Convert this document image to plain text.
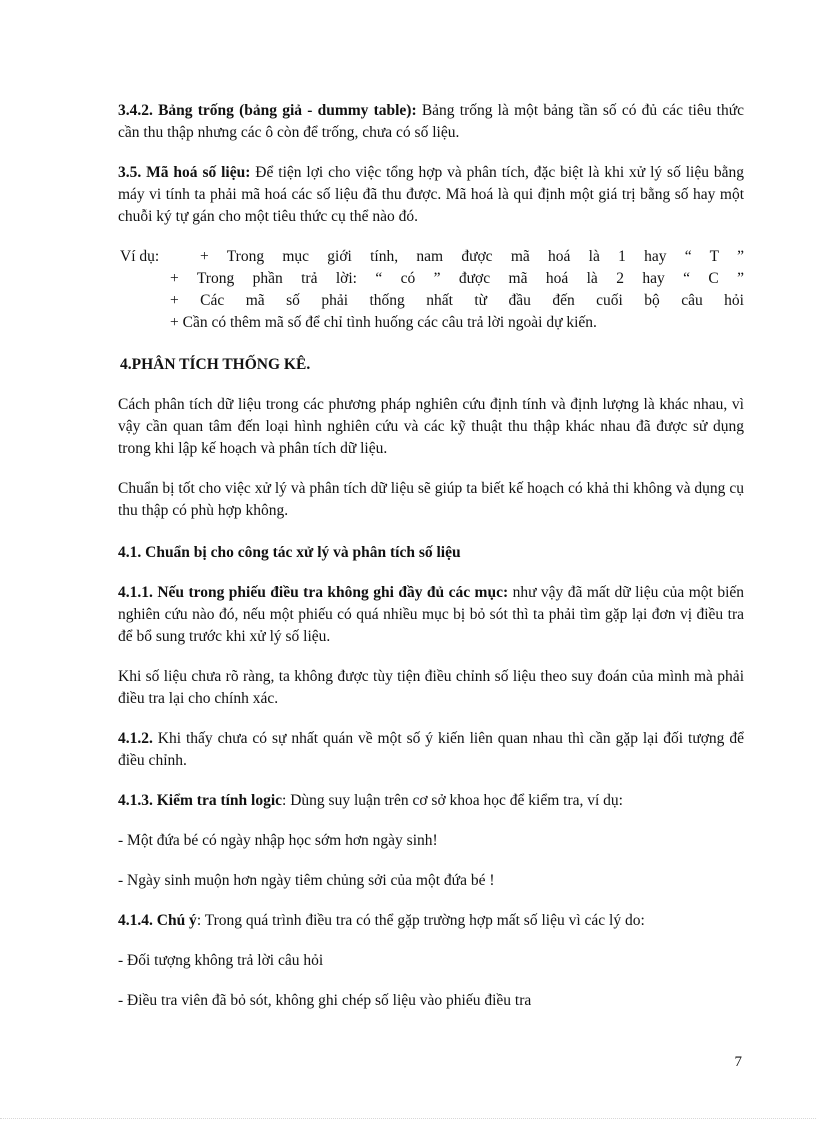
3.4.2. Bảng trống (bảng giả - dummy table): Bảng trống là một bảng tần số có đủ các tiêu thức cần thu thập nhưng các ô còn để trống, chưa có số liệu.

3.5. Mã hoá số liệu: Để tiện lợi cho việc tổng hợp và phân tích, đặc biệt là khi xử lý số liệu bằng máy vi tính ta phải mã hoá các số liệu đã thu được. Mã hoá là qui định một giá trị bằng số hay một chuỗi ký tự gán cho một tiêu thức cụ thể nào đó.

Ví dụ:	+ Trong mục giới tính, nam được mã hoá là 1 hay “ T ”
+ Trong phần trả lời: “ có ” được mã hoá là 2 hay “ C ”
+ Các mã số phải thống nhất từ đầu đến cuối bộ câu hỏi
+ Cần có thêm mã số để chỉ tình huống các câu trả lời ngoài dự kiến.

4.PHÂN TÍCH THỐNG KÊ.

Cách phân tích dữ liệu trong các phương pháp nghiên cứu định tính và định lượng là khác nhau, vì vậy cần quan tâm đến loại hình nghiên cứu và các kỹ thuật thu thập khác nhau đã được sử dụng trong khi lập kế hoạch và phân tích dữ liệu.

Chuẩn bị tốt cho việc xử lý và phân tích dữ liệu sẽ giúp ta biết kế hoạch có khả thi không và dụng cụ thu thập có phù hợp không.

4.1. Chuẩn bị cho công tác xử lý và phân tích số liệu

4.1.1. Nếu trong phiếu điều tra không ghi đầy đủ các mục: như vậy đã mất dữ liệu của một biến nghiên cứu nào đó, nếu một phiếu có quá nhiều mục bị bỏ sót thì ta phải tìm gặp lại đơn vị điều tra để bổ sung trước khi xử lý số liệu.

Khi số liệu chưa rõ ràng, ta không được tùy tiện điều chỉnh số liệu theo suy đoán của mình mà phải điều tra lại cho chính xác.

4.1.2. Khi thấy chưa có sự nhất quán về một số ý kiến liên quan nhau thì cần gặp lại đối tượng để điều chỉnh.

4.1.3. Kiểm tra tính logic: Dùng suy luận trên cơ sở khoa học để kiểm tra, ví dụ:

- Một đứa bé có ngày nhập học sớm hơn ngày sinh!

- Ngày sinh muộn hơn ngày tiêm chủng sởi của một đứa bé !

4.1.4. Chú ý: Trong quá trình điều tra có thể gặp trường hợp mất số liệu vì các lý do:

- Đối tượng không trả lời câu hỏi

- Điều tra viên đã bỏ sót, không ghi chép số liệu vào phiếu điều tra

7
